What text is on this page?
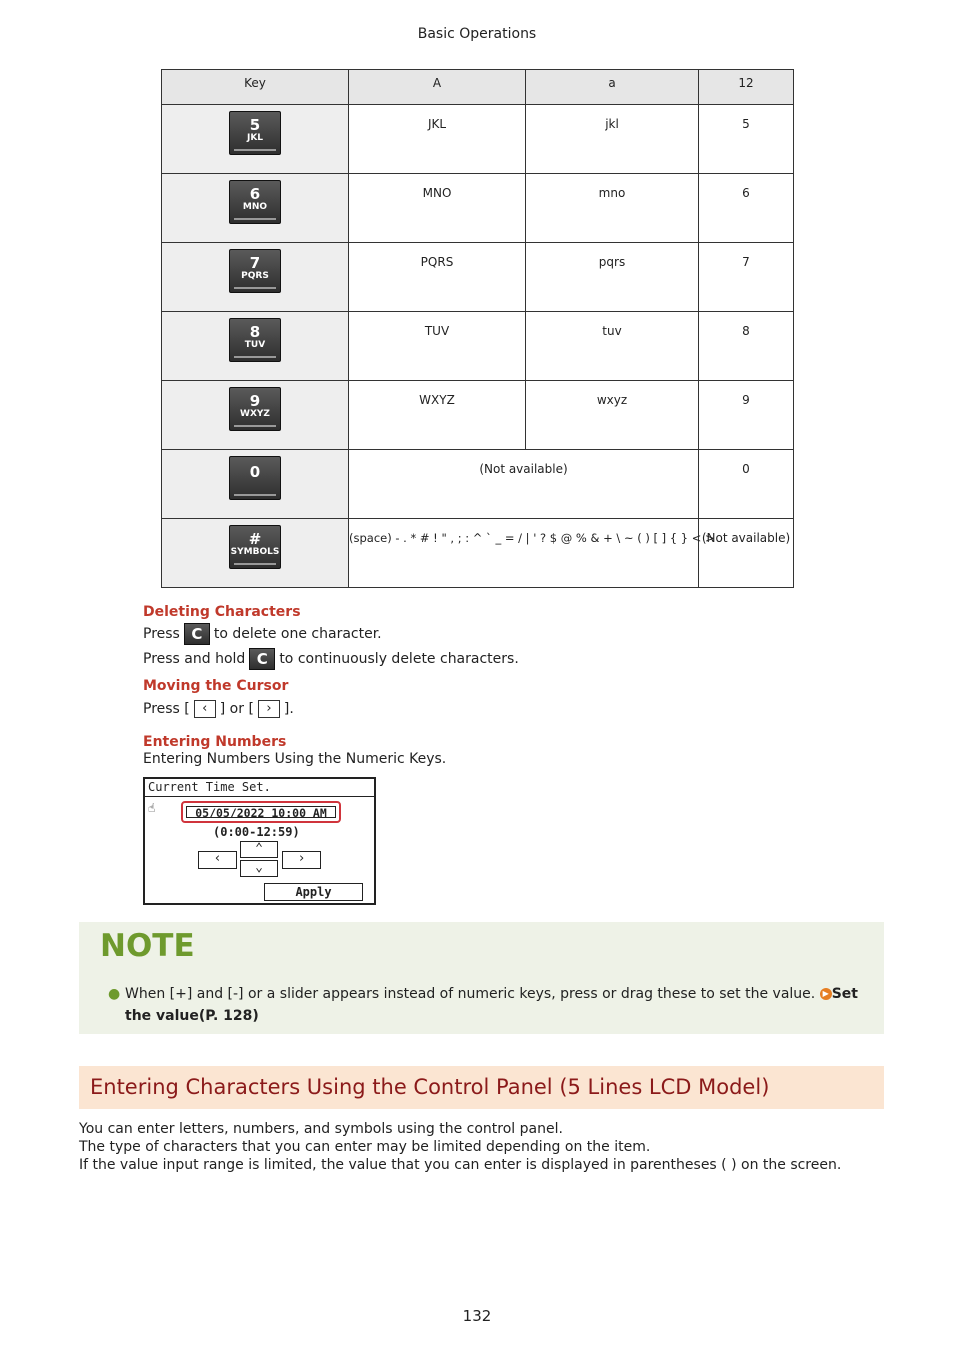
Basic Operations
Key	A	a	12

5
JKL	JKL	jkl	5

6
MNO	MNO	mno	6

7
PQRS	PQRS	pqrs	7

8
TUV	TUV	tuv	8

9
WXYZ	WXYZ	wxyz	9

0	(Not available)		0

#
SYMBOLS	(space) - . * # ! " , ; : ^ ` _ = / | ' ? $ @ % & + \ ~ ( ) [ ] { } < >		(Not available)
Deleting Characters
Press C to delete one character.
Press and hold C to continuously delete characters.
Moving the Cursor
Press [ ‹ ] or [ › ].
Entering Numbers
Entering Numbers Using the Numeric Keys.
Current Time Set.
☝	05/05/2022 10:00 AM
(0:00-12:59)
‹
⌃
⌄
›
Apply
NOTE
● When [+] and [-] or a slider appears instead of numeric keys, press or drag these to set the value. ▶ Set the value(P. 128)
Entering Characters Using the Control Panel (5 Lines LCD Model)
You can enter letters, numbers, and symbols using the control panel.
The type of characters that you can enter may be limited depending on the item.
If the value input range is limited, the value that you can enter is displayed in parentheses ( ) on the screen.
132
